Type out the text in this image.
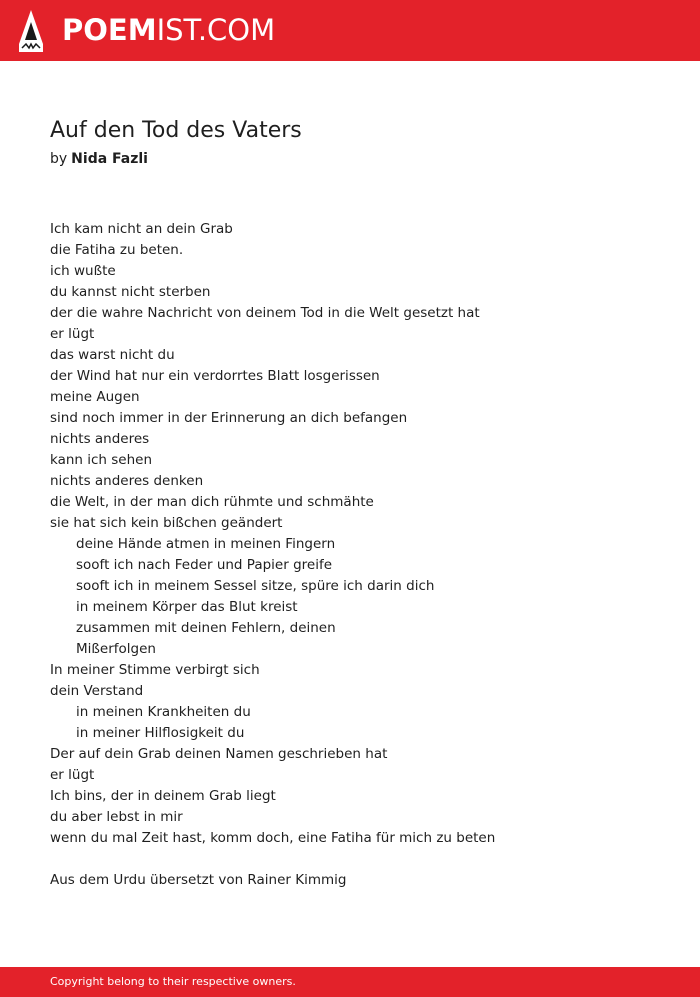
POEMIST.COM
Auf den Tod des Vaters
by Nida Fazli
Ich kam nicht an dein Grab
die Fatiha zu beten.
ich wußte
du kannst nicht sterben
der die wahre Nachricht von deinem Tod in die Welt gesetzt hat
er lügt
das warst nicht du
der Wind hat nur ein verdorrtes Blatt losgerissen
meine Augen
sind noch immer in der Erinnerung an dich befangen
nichts anderes
kann ich sehen
nichts anderes denken
die Welt, in der man dich rühmte und schmähte
sie hat sich kein bißchen geändert
deine Hände atmen in meinen Fingern
sooft ich nach Feder und Papier greife
sooft ich in meinem Sessel sitze, spüre ich darin dich
in meinem Körper das Blut kreist
zusammen mit deinen Fehlern, deinen
Mißerfolgen
In meiner Stimme verbirgt sich
dein Verstand
in meinen Krankheiten du
in meiner Hilflosigkeit du
Der auf dein Grab deinen Namen geschrieben hat
er lügt
Ich bins, der in deinem Grab liegt
du aber lebst in mir
wenn du mal Zeit hast, komm doch, eine Fatiha für mich zu beten
Aus dem Urdu übersetzt von Rainer Kimmig
Copyright belong to their respective owners.
